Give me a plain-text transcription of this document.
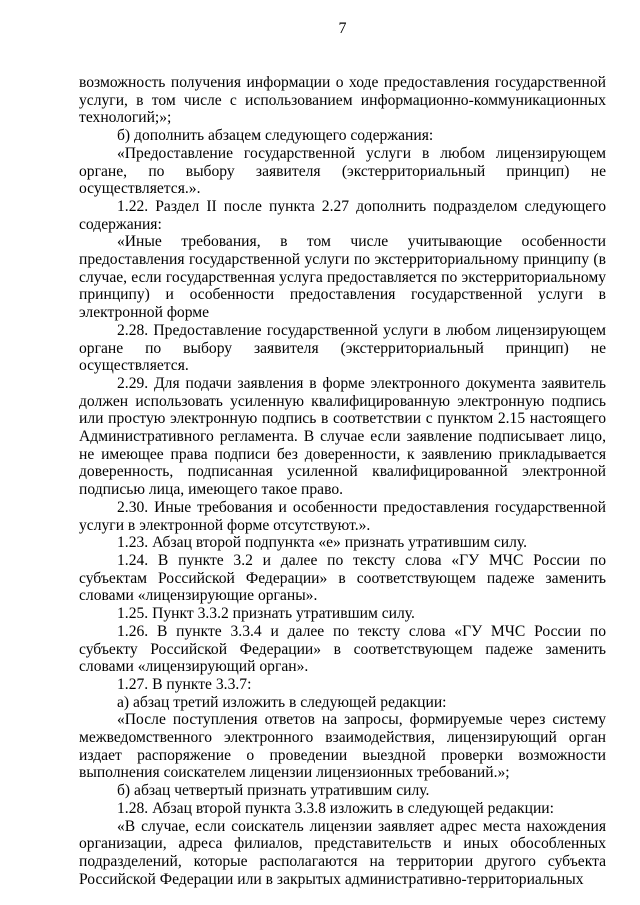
7

возможность получения информации о ходе предоставления государственной услуги, в том числе с использованием информационно-коммуникационных технологий;»;

б) дополнить абзацем следующего содержания:

«Предоставление государственной услуги в любом лицензирующем органе, по выбору заявителя (экстерриториальный принцип) не осуществляется.».

1.22. Раздел II после пункта 2.27 дополнить подразделом следующего содержания:

«Иные требования, в том числе учитывающие особенности предоставления государственной услуги по экстерриториальному принципу (в случае, если государственная услуга предоставляется по экстерриториальному принципу) и особенности предоставления государственной услуги в электронной форме

2.28. Предоставление государственной услуги в любом лицензирующем органе по выбору заявителя (экстерриториальный принцип) не осуществляется.

2.29. Для подачи заявления в форме электронного документа заявитель должен использовать усиленную квалифицированную электронную подпись или простую электронную подпись в соответствии с пунктом 2.15 настоящего Административного регламента. В случае если заявление подписывает лицо, не имеющее права подписи без доверенности, к заявлению прикладывается доверенность, подписанная усиленной квалифицированной электронной подписью лица, имеющего такое право.

2.30. Иные требования и особенности предоставления государственной услуги в электронной форме отсутствуют.».

1.23. Абзац второй подпункта «е» признать утратившим силу.

1.24. В пункте 3.2 и далее по тексту слова «ГУ МЧС России по субъектам Российской Федерации» в соответствующем падеже заменить словами «лицензирующие органы».

1.25. Пункт 3.3.2 признать утратившим силу.

1.26. В пункте 3.3.4 и далее по тексту слова «ГУ МЧС России по субъекту Российской Федерации» в соответствующем падеже заменить словами «лицензирующий орган».

1.27. В пункте 3.3.7:

а) абзац третий изложить в следующей редакции:

«После поступления ответов на запросы, формируемые через систему межведомственного электронного взаимодействия, лицензирующий орган издает распоряжение о проведении выездной проверки возможности выполнения соискателем лицензии лицензионных требований.»;

б) абзац четвертый признать утратившим силу.

1.28. Абзац второй пункта 3.3.8 изложить в следующей редакции:

«В случае, если соискатель лицензии заявляет адрес места нахождения организации, адреса филиалов, представительств и иных обособленных подразделений, которые располагаются на территории другого субъекта Российской Федерации или в закрытых административно-территориальных
